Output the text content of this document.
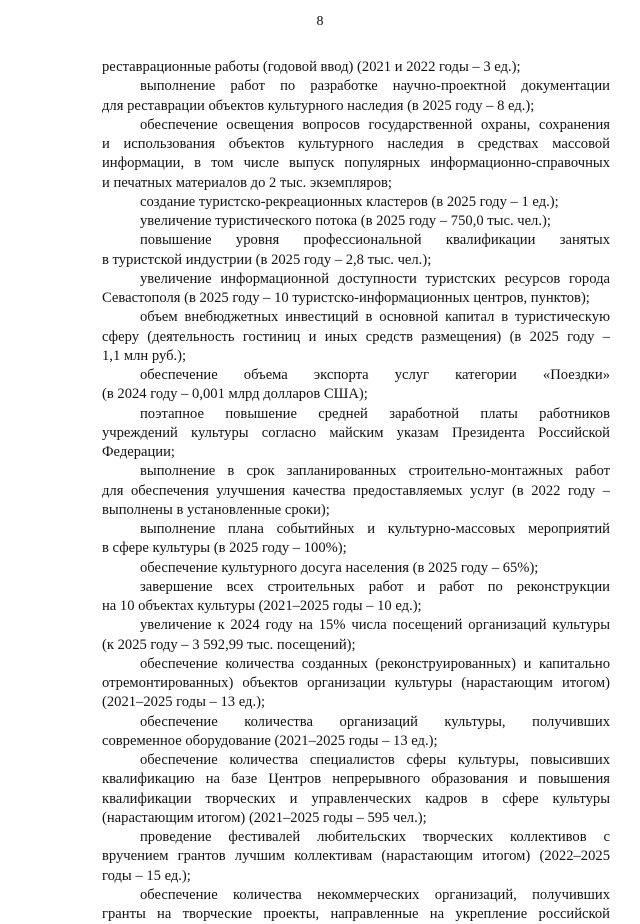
8
реставрационные работы (годовой ввод) (2021 и 2022 годы – 3 ед.);
выполнение работ по разработке научно-проектной документации
для реставрации объектов культурного наследия (в 2025 году – 8 ед.);
обеспечение освещения вопросов государственной охраны, сохранения
и использования объектов культурного наследия в средствах массовой
информации, в том числе выпуск популярных информационно-справочных
и печатных материалов до 2 тыс. экземпляров;
создание туристско-рекреационных кластеров (в 2025 году – 1 ед.);
увеличение туристического потока (в 2025 году – 750,0 тыс. чел.);
повышение уровня профессиональной квалификации занятых
в туристской индустрии (в 2025 году – 2,8 тыс. чел.);
увеличение информационной доступности туристских ресурсов города
Севастополя (в 2025 году – 10 туристско-информационных центров, пунктов);
объем внебюджетных инвестиций в основной капитал в туристическую
сферу (деятельность гостиниц и иных средств размещения) (в 2025 году –
1,1 млн руб.);
обеспечение объема экспорта услуг категории «Поездки»
(в 2024 году – 0,001 млрд долларов США);
поэтапное повышение средней заработной платы работников
учреждений культуры согласно майским указам Президента Российской
Федерации;
выполнение в срок запланированных строительно-монтажных работ
для обеспечения улучшения качества предоставляемых услуг (в 2022 году –
выполнены в установленные сроки);
выполнение плана событийных и культурно-массовых мероприятий
в сфере культуры (в 2025 году – 100%);
обеспечение культурного досуга населения (в 2025 году – 65%);
завершение всех строительных работ и работ по реконструкции
на 10 объектах культуры (2021–2025 годы – 10 ед.);
увеличение к 2024 году на 15% числа посещений организаций культуры
(к 2025 году – 3 592,99 тыс. посещений);
обеспечение количества созданных (реконструированных) и капитально
отремонтированных) объектов организации культуры (нарастающим итогом)
(2021–2025 годы – 13 ед.);
обеспечение количества организаций культуры, получивших
современное оборудование (2021–2025 годы – 13 ед.);
обеспечение количества специалистов сферы культуры, повысивших
квалификацию на базе Центров непрерывного образования и повышения
квалификации творческих и управленческих кадров в сфере культуры
(нарастающим итогом) (2021–2025 годы – 595 чел.);
проведение фестивалей любительских творческих коллективов с
вручением грантов лучшим коллективам (нарастающим итогом) (2022–2025
годы – 15 ед.);
обеспечение количества некоммерческих организаций, получивших
гранты на творческие проекты, направленные на укрепление российской
